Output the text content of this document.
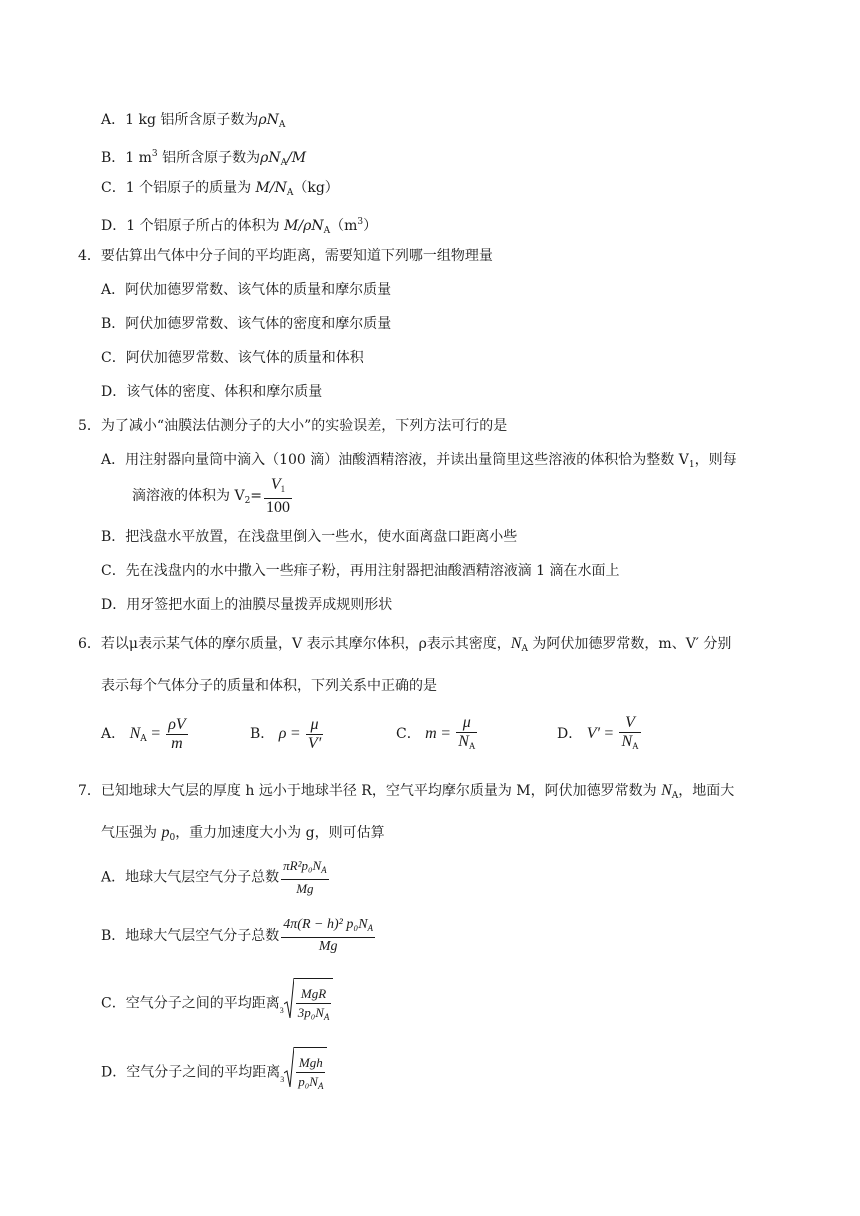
A．1 kg 铝所含原子数为$\rho N_A$
B．1 $m^3$ 铝所含原子数为$\rho N_A/M$
C．1 个铝原子的质量为 $M/N_A(kg)$
D．1 个铝原子所占的体积为 $M/\rho N_A(m^3)$
4．要估算出气体中分子间的平均距离，需要知道下列哪一组物理量
A．阿伏加德罗常数、该气体的质量和摩尔质量
B．阿伏加德罗常数、该气体的密度和摩尔质量
C．阿伏加德罗常数、该气体的质量和体积
D．该气体的密度、体积和摩尔质量
5．为了减小“油膜法估测分子的大小”的实验误差，下列方法可行的是
A．用注射器向量筒中滴入（100 滴）油酸酒精溶液，并读出量筒里这些溶液的体积恰为整数 $V_1$，则每
滴溶液的体积为 $V_2= \frac{V_1}{100}$
B．把浅盘水平放置，在浅盘里倒入一些水，使水面离盘口距离小些
C．先在浅盘内的水中撒入一些痱子粉，再用注射器把油酸酒精溶液滴 1 滴在水面上
D．用牙签把水面上的油膜尽量拨弄成规则形状
6．若以μ表示某气体的摩尔质量，V 表示其摩尔体积，ρ表示其密度，$N_A$ 为阿伏加德罗常数，m、V′ 分别
表示每个气体分子的质量和体积，下列关系中正确的是
A． $N_A = \frac{\rho V}{m}$	B． $\rho = \frac{\mu}{V'}$	C． $m = \frac{\mu}{N_A}$	D． $V' = \frac{V}{N_A}$
7．已知地球大气层的厚度 h 远小于地球半径 R，空气平均摩尔质量为 M，阿伏加德罗常数为 $N_A$，地面大
气压强为 $p_0$，重力加速度大小为 g，则可估算
A．地球大气层空气分子总数 $\frac{\pi R^2p_0N_A}{Mg}$
B．地球大气层空气分子总数 $\frac{4\pi(R - h)^2 p_0N_A}{Mg}$
C．空气分子之间的平均距离 $3 \frac{\text{MgR}}{3p_0N_A}$
D．空气分子之间的平均距离 $3 \frac{\text{Mgh}}{p_0N_A}$
